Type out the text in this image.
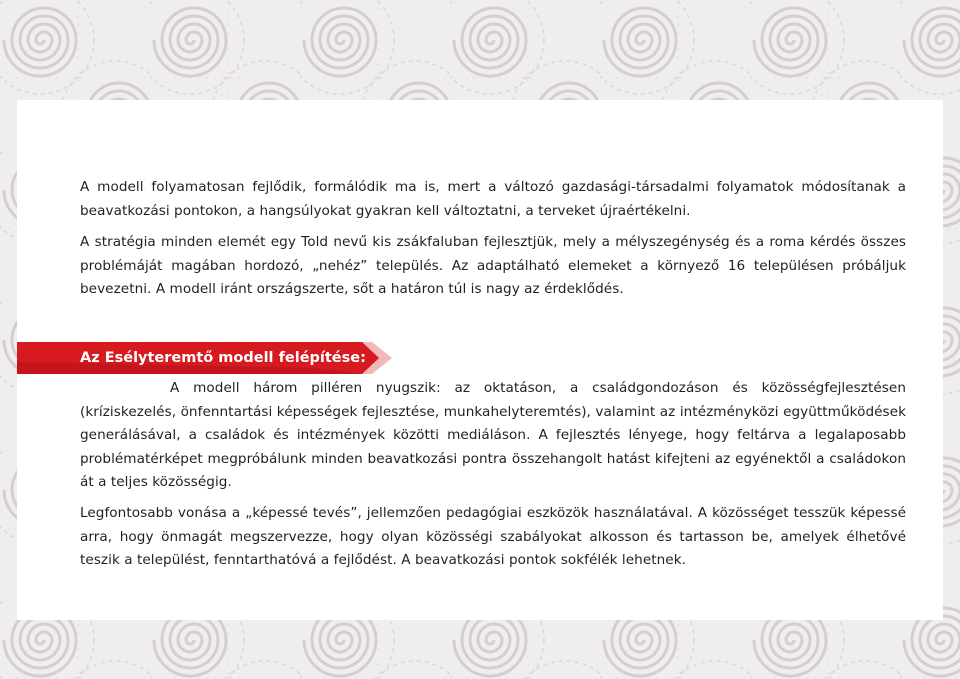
A modell folyamatosan fejlődik, formálódik ma is, mert a változó gazdasági-társadalmi folyamatok módosítanak a beavatkozási pontokon, a hangsúlyokat gyakran kell változtatni, a terveket újraértékelni.

A stratégia minden elemét egy Told nevű kis zsákfaluban fejlesztjük, mely a mélyszegénység és a roma kérdés összes problémáját magában hordozó, „nehéz” település. Az adaptálható elemeket a környező 16 településen próbáljuk bevezetni. A modell iránt országszerte, sőt a határon túl is nagy az érdeklődés.

Az Esélyteremtő modell felépítése:

A modell három pilléren nyugszik: az oktatáson, a családgondozáson és közösségfejlesztésen (kríziskezelés, önfenntartási képességek fejlesztése, munkahelyteremtés), valamint az intézményközi együttműködések generálásával, a családok és intézmények közötti mediáláson. A fejlesztés lényege, hogy feltárva a legalaposabb problématérképet megpróbálunk minden beavatkozási pontra összehangolt hatást kifejteni az egyénektől a családokon át a teljes közösségig.

Legfontosabb vonása a „képessé tevés”, jellemzően pedagógiai eszközök használatával. A közösséget tesszük képessé arra, hogy önmagát megszervezze, hogy olyan közösségi szabályokat alkosson és tartasson be, amelyek élhetővé teszik a települést, fenntarthatóvá a fejlődést. A beavatkozási pontok sokfélék lehetnek.
